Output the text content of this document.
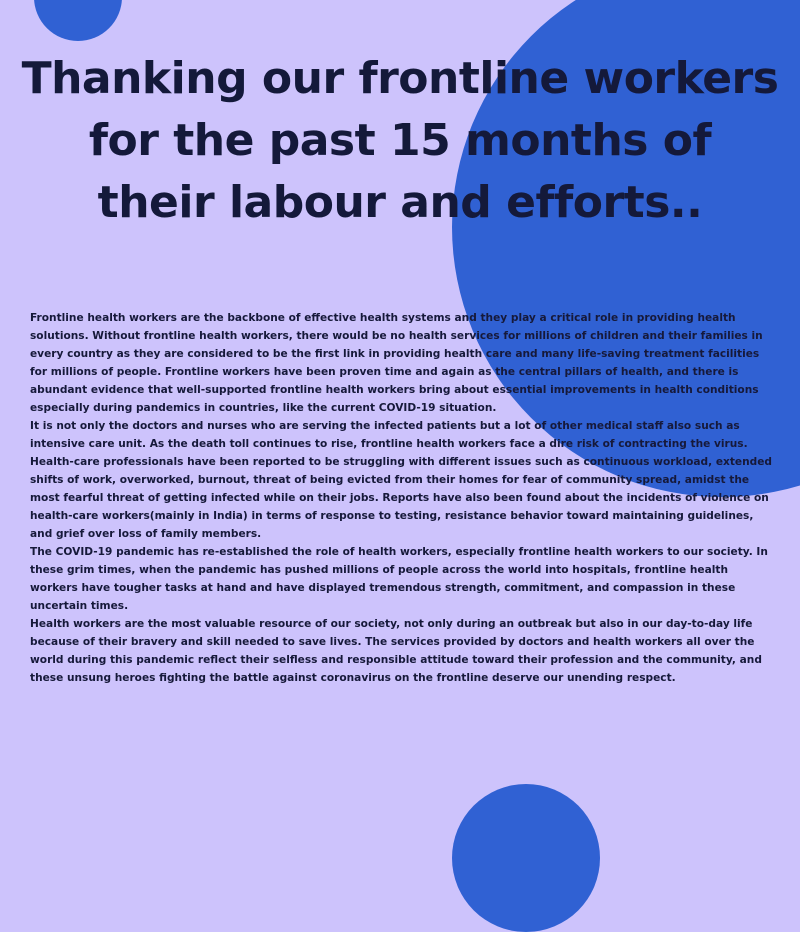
Thanking our frontline workers
for the past 15 months of
their labour and efforts..

Frontline health workers are the backbone of effective health systems and they play a critical role in providing health solutions. Without frontline health workers, there would be no health services for millions of children and their families in every country as they are considered to be the first link in providing health care and many life-saving treatment facilities for millions of people. Frontline workers have been proven time and again as the central pillars of health, and there is abundant evidence that well-supported frontline health workers bring about essential improvements in health conditions especially during pandemics in countries, like the current COVID-19 situation.

It is not only the doctors and nurses who are serving the infected patients but a lot of other medical staff also such as intensive care unit. As the death toll continues to rise, frontline health workers face a dire risk of contracting the virus. Health-care professionals have been reported to be struggling with different issues such as continuous workload, extended shifts of work, overworked, burnout, threat of being evicted from their homes for fear of community spread, amidst the most fearful threat of getting infected while on their jobs. Reports have also been found about the incidents of violence on health-care workers(mainly in India) in terms of response to testing, resistance behavior toward maintaining guidelines, and grief over loss of family members.

The COVID-19 pandemic has re-established the role of health workers, especially frontline health workers to our society. In these grim times, when the pandemic has pushed millions of people across the world into hospitals, frontline health workers have tougher tasks at hand and have displayed tremendous strength, commitment, and compassion in these uncertain times.

Health workers are the most valuable resource of our society, not only during an outbreak but also in our day-to-day life because of their bravery and skill needed to save lives. The services provided by doctors and health workers all over the world during this pandemic reflect their selfless and responsible attitude toward their profession and the community, and these unsung heroes fighting the battle against coronavirus on the frontline deserve our unending respect.
